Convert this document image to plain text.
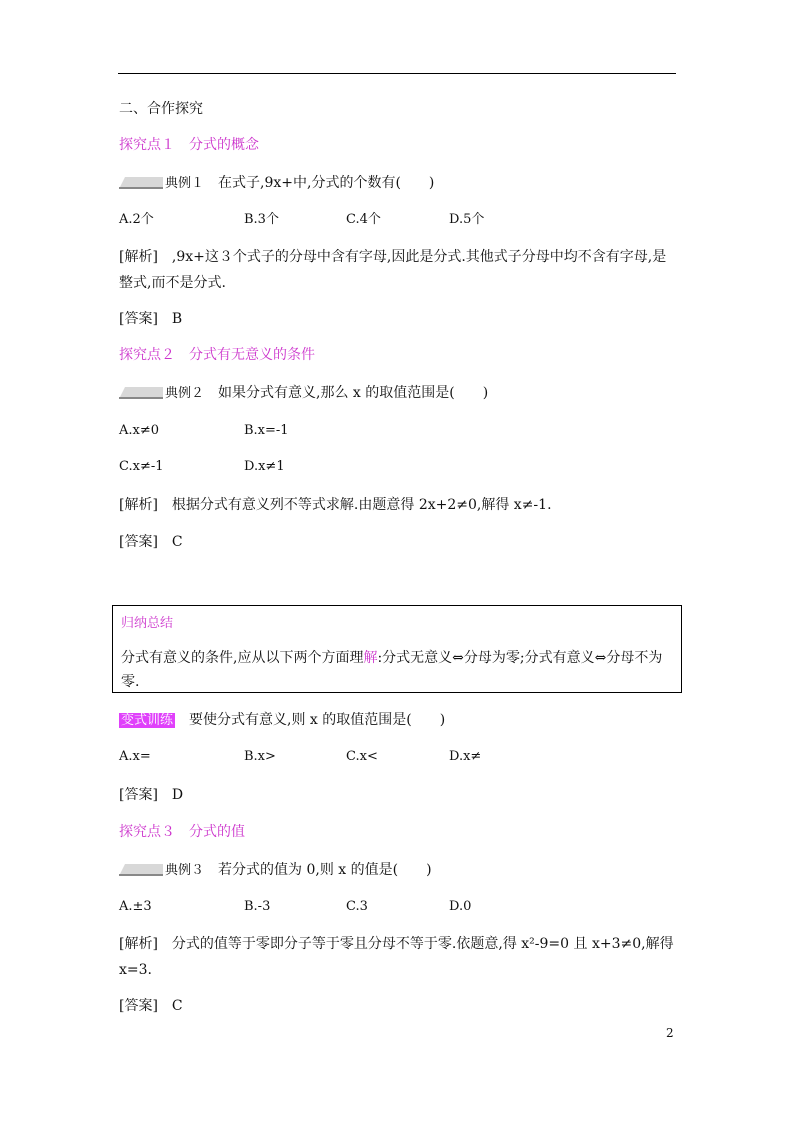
二、合作探究
探究点１　分式的概念
典例１　 在式子,9x+中,分式的个数有(　　)
A.2个	B.3个	C.4个	D.5个
[解析]　,9x+这３个式子的分母中含有字母,因此是分式.其他式子分母中均不含有字母,是
整式,而不是分式.
[答案]　B
探究点２　分式有无意义的条件
典例２　 如果分式有意义,那么 x 的取值范围是(　　)
A.x≠0	B.x=-1
C.x≠-1	D.x≠1
[解析]　根据分式有意义列不等式求解.由题意得 2x+2≠0,解得 x≠-1.
[答案]　C
归纳总结
分式有意义的条件,应从以下两个方面理解:分式无意义⇔分母为零;分式有意义⇔分母不为零.
变式训练　 要使分式有意义,则 x 的取值范围是(　　)
A.x=	B.x>	C.x<	D.x≠
[答案]　D
探究点３　分式的值
典例３　 若分式的值为 0,则 x 的值是(　　)
A.±3	B.-3	C.3	D.0
[解析]　分式的值等于零即分子等于零且分母不等于零.依题意,得 x²-9=0 且 x+3≠0,解得
x=3.
[答案]　C
2
